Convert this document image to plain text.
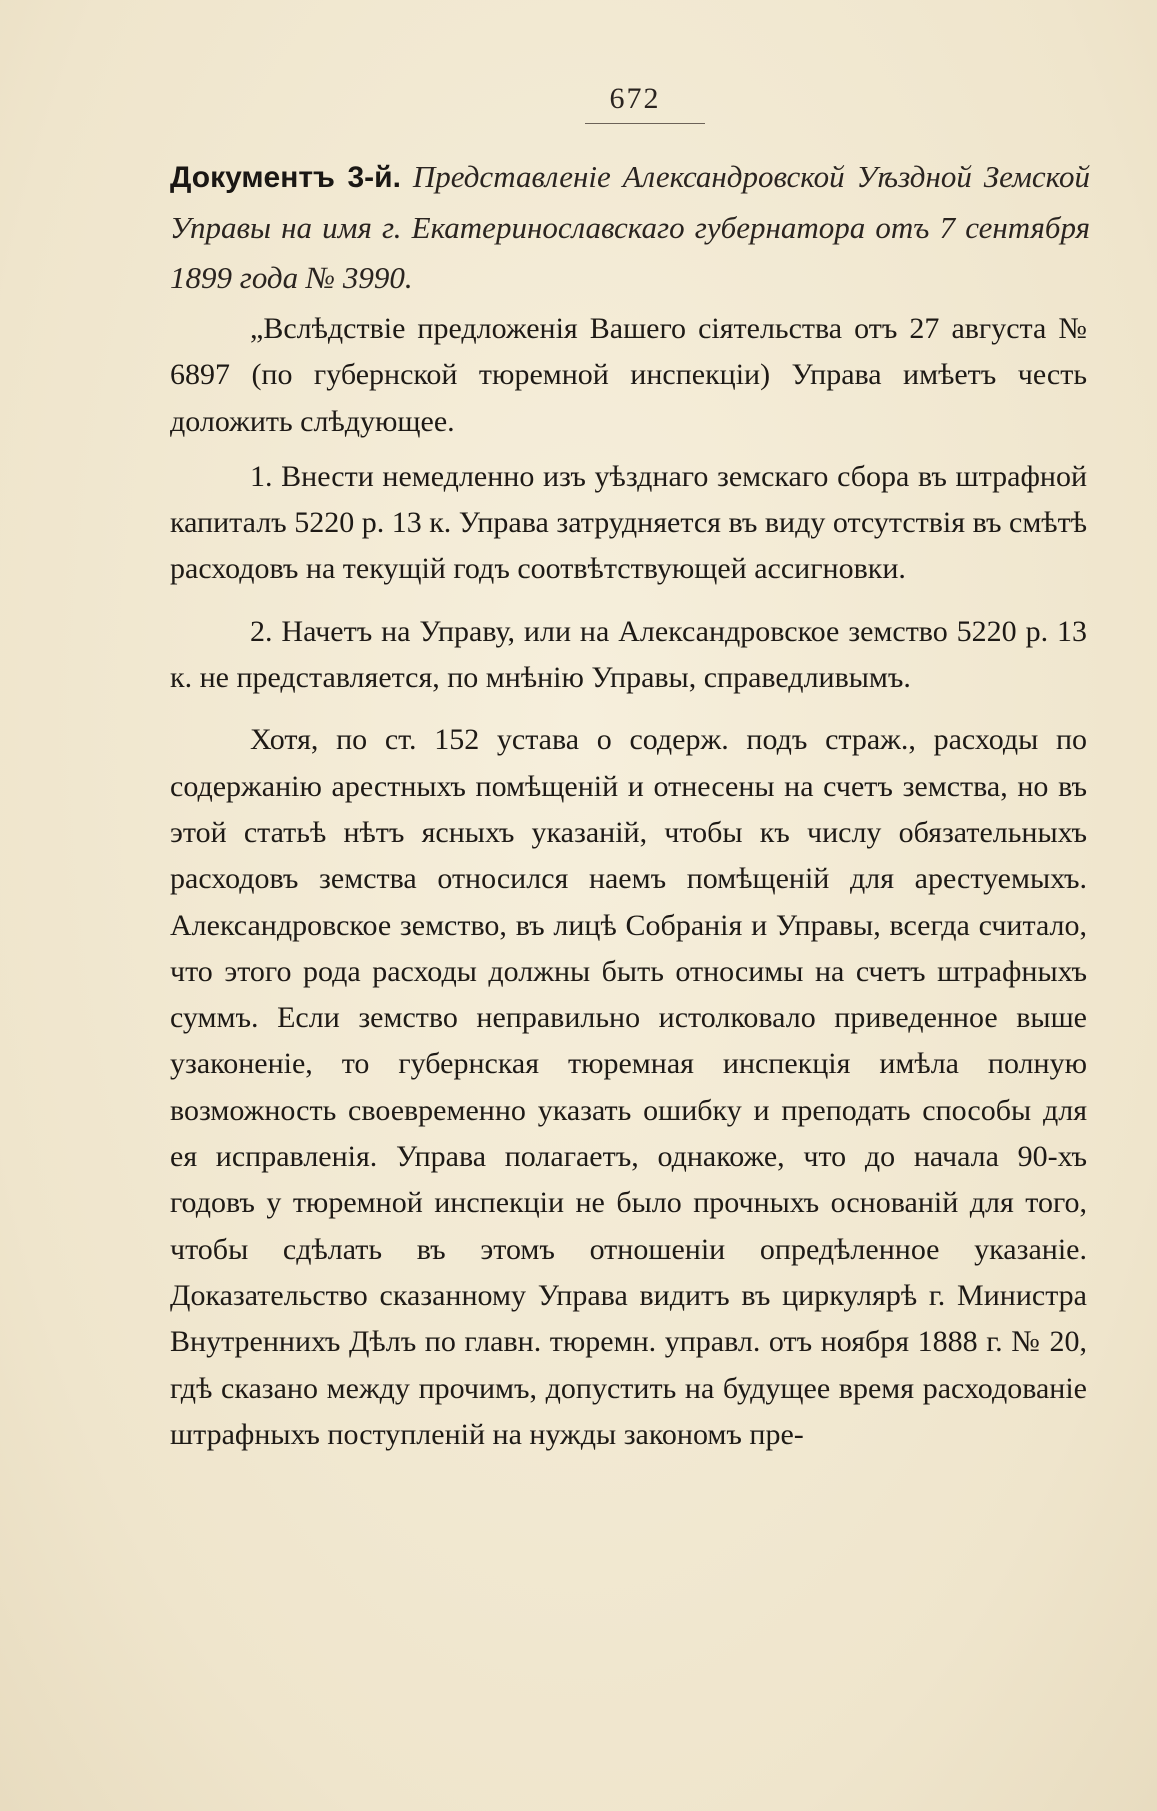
672
Документъ 3-й. Представленіе Александровской Уѣздной Земской Управы на имя г. Екатеринославскаго губернатора отъ 7 сентября 1899 года № 3990.

„Вслѣдствіе предложенія Вашего сіятельства отъ 27 августа № 6897 (по губернской тюремной инспекціи) Управа имѣетъ честь доложить слѣдующее.

1. Внести немедленно изъ уѣзднаго земскаго сбора въ штрафной капиталъ 5220 р. 13 к. Управа затрудняется въ виду отсутствія въ смѣтѣ расходовъ на текущій годъ соотвѣтствующей ассигновки.

2. Начетъ на Управу, или на Александровское земство 5220 р. 13 к. не представляется, по мнѣнію Управы, справедливымъ.

Хотя, по ст. 152 устава о содерж. подъ страж., расходы по содержанію арестныхъ помѣщеній и отнесены на счетъ земства, но въ этой статьѣ нѣтъ ясныхъ указаній, чтобы къ числу обязательныхъ расходовъ земства относился наемъ помѣщеній для арестуемыхъ. Александровское земство, въ лицѣ Собранія и Управы, всегда считало, что этого рода расходы должны быть относимы на счетъ штрафныхъ суммъ. Если земство неправильно истолковало приведенное выше узаконеніе, то губернская тюремная инспекція имѣла полную возможность своевременно указать ошибку и преподать способы для ея исправленія. Управа полагаетъ, однакоже, что до начала 90-хъ годовъ у тюремной инспекціи не было прочныхъ основаній для того, чтобы сдѣлать въ этомъ отношеніи опредѣленное указаніе. Доказательство сказанному Управа видитъ въ циркулярѣ г. Министра Внутреннихъ Дѣлъ по главн. тюремн. управл. отъ ноября 1888 г. № 20, гдѣ сказано между прочимъ, допустить на будущее время расходованіе штрафныхъ поступленій на нужды закономъ пре-
